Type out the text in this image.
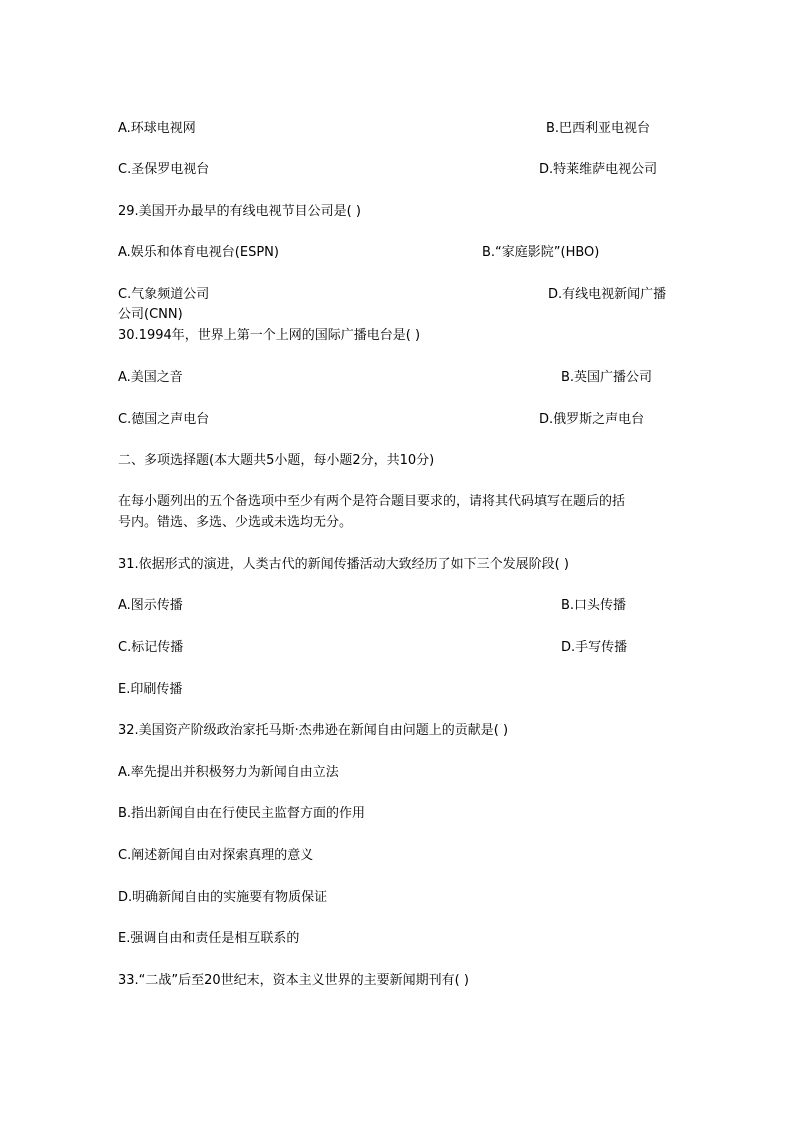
A.环球电视网	B.巴西利亚电视台
C.圣保罗电视台	D.特莱维萨电视公司
29.美国开办最早的有线电视节目公司是( )
A.娱乐和体育电视台(ESPN)	B.“家庭影院”(HBO)
C.气象频道公司	D.有线电视新闻广播
公司(CNN)
30.1994年，世界上第一个上网的国际广播电台是( )
A.美国之音	B.英国广播公司
C.德国之声电台	D.俄罗斯之声电台
二、多项选择题(本大题共5小题，每小题2分，共10分)
在每小题列出的五个备选项中至少有两个是符合题目要求的，请将其代码填写在题后的括
号内。错选、多选、少选或未选均无分。
31.依据形式的演进，人类古代的新闻传播活动大致经历了如下三个发展阶段( )
A.图示传播	B.口头传播
C.标记传播	D.手写传播
E.印刷传播
32.美国资产阶级政治家托马斯·杰弗逊在新闻自由问题上的贡献是( )
A.率先提出并积极努力为新闻自由立法
B.指出新闻自由在行使民主监督方面的作用
C.阐述新闻自由对探索真理的意义
D.明确新闻自由的实施要有物质保证
E.强调自由和责任是相互联系的
33.“二战”后至20世纪末，资本主义世界的主要新闻期刊有( )
